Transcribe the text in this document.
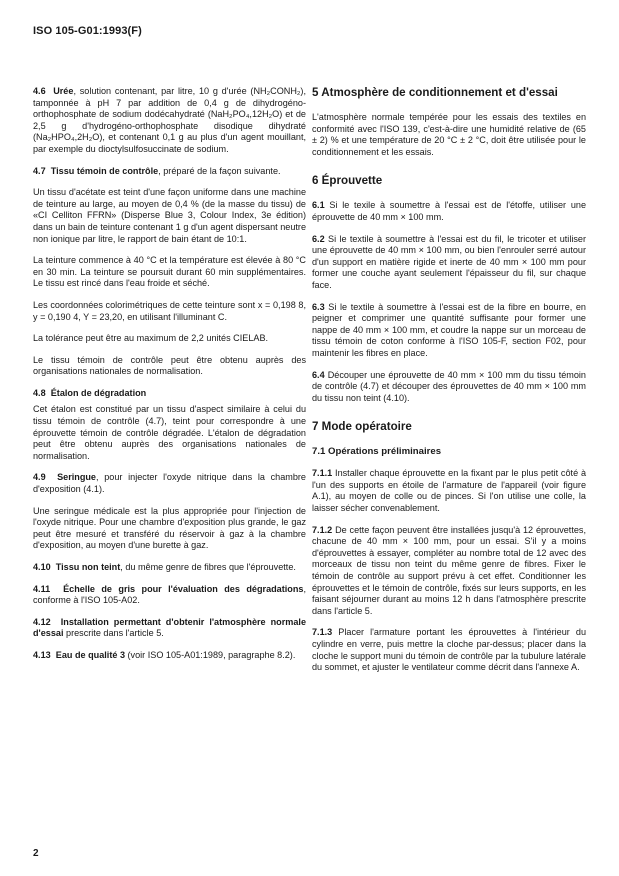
ISO 105-G01:1993(F)

4.6 Urée, solution contenant, par litre, 10 g d'urée (NH₂CONH₂), tamponnée à pH 7 par addition de 0,4 g de dihydrogéno-orthophosphate de sodium dodécahydraté (NaH₂PO₄,12H₂O) et de 2,5 g d'hydrogéno-orthophosphate disodique dihydraté (Na₂HPO₄,2H₂O), et contenant 0,1 g au plus d'un agent mouillant, par exemple du dioctylsulfosuccinate de sodium.

4.7 Tissu témoin de contrôle, préparé de la façon suivante.

Un tissu d'acétate est teint d'une façon uniforme dans une machine de teinture au large, au moyen de 0,4 % (de la masse du tissu) de «CI Celliton FFRN» (Disperse Blue 3, Colour Index, 3e édition) dans un bain de teinture contenant 1 g d'un agent dispersant neutre non ionique par litre, le rapport de bain étant de 10:1.

La teinture commence à 40 °C et la température est élevée à 80 °C en 30 min. La teinture se poursuit durant 60 min supplémentaires. Le tissu est rincé dans l'eau froide et séché.

Les coordonnées colorimétriques de cette teinture sont x = 0,198 8, y = 0,190 4, Y = 23,20, en utilisant l'illuminant C.

La tolérance peut être au maximum de 2,2 unités CIELAB.

Le tissu témoin de contrôle peut être obtenu auprès des organisations nationales de normalisation.

4.8 Étalon de dégradation

Cet étalon est constitué par un tissu d'aspect similaire à celui du tissu témoin de contrôle (4.7), teint pour correspondre à une éprouvette témoin de contrôle dégradée. L'étalon de dégradation peut être obtenu auprès des organisations nationales de normalisation.

4.9 Seringue, pour injecter l'oxyde nitrique dans la chambre d'exposition (4.1).

Une seringue médicale est la plus appropriée pour l'injection de l'oxyde nitrique. Pour une chambre d'exposition plus grande, le gaz peut être mesuré et transféré du réservoir à gaz à la chambre d'exposition, au moyen d'une burette à gaz.

4.10 Tissu non teint, du même genre de fibres que l'éprouvette.

4.11 Échelle de gris pour l'évaluation des dégradations, conforme à l'ISO 105-A02.

4.12 Installation permettant d'obtenir l'atmosphère normale d'essai prescrite dans l'article 5.

4.13 Eau de qualité 3 (voir ISO 105-A01:1989, paragraphe 8.2).

5 Atmosphère de conditionnement et d'essai

L'atmosphère normale tempérée pour les essais des textiles en conformité avec l'ISO 139, c'est-à-dire une humidité relative de (65 ± 2) % et une température de 20 °C ± 2 °C, doit être utilisée pour le conditionnement et les essais.

6 Éprouvette

6.1 Si le texile à soumettre à l'essai est de l'étoffe, utiliser une éprouvette de 40 mm × 100 mm.

6.2 Si le textile à soumettre à l'essai est du fil, le tricoter et utiliser une éprouvette de 40 mm × 100 mm, ou bien l'enrouler serré autour d'un support en matière rigide et inerte de 40 mm × 100 mm pour former une couche ayant seulement l'épaisseur du fil, sur chaque face.

6.3 Si le textile à soumettre à l'essai est de la fibre en bourre, en peigner et comprimer une quantité suffisante pour former une nappe de 40 mm × 100 mm, et coudre la nappe sur un morceau de tissu témoin de coton conforme à l'ISO 105-F, section F02, pour maintenir les fibres en place.

6.4 Découper une éprouvette de 40 mm × 100 mm du tissu témoin de contrôle (4.7) et découper des éprouvettes de 40 mm × 100 mm du tissu non teint (4.10).

7 Mode opératoire
7.1 Opérations préliminaires

7.1.1 Installer chaque éprouvette en la fixant par le plus petit côté à l'un des supports en étoile de l'armature de l'appareil (voir figure A.1), au moyen de colle ou de pinces. Si l'on utilise une colle, la laisser sécher convenablement.

7.1.2 De cette façon peuvent être installées jusqu'à 12 éprouvettes, chacune de 40 mm × 100 mm, pour un essai. S'il y a moins d'éprouvettes à essayer, compléter au nombre total de 12 avec des morceaux de tissu non teint du même genre de fibres. Fixer le témoin de contrôle au support prévu à cet effet. Conditionner les éprouvettes et le témoin de contrôle, fixés sur leurs supports, en les faisant séjourner durant au moins 12 h dans l'atmosphère prescrite dans l'article 5.

7.1.3 Placer l'armature portant les éprouvettes à l'intérieur du cylindre en verre, puis mettre la cloche par-dessus; placer dans la cloche le support muni du témoin de contrôle par la tubulure latérale du sommet, et ajuster le ventilateur comme décrit dans l'annexe A.

2
